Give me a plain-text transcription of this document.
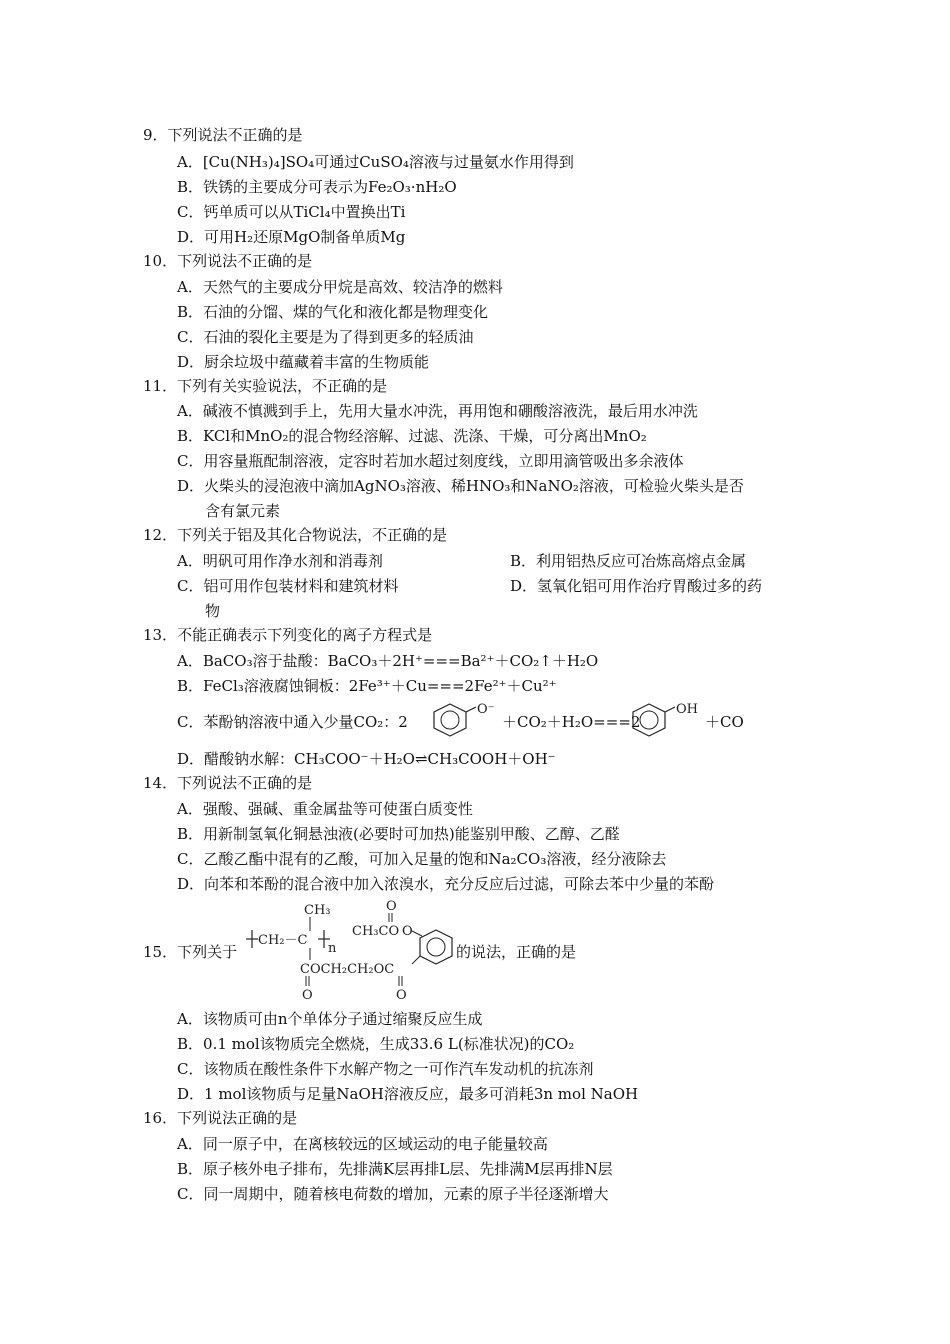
9．下列说法不正确的是
A．[Cu(NH₃)₄]SO₄可通过CuSO₄溶液与过量氨水作用得到
B．铁锈的主要成分可表示为Fe₂O₃·nH₂O
C．钙单质可以从TiCl₄中置换出Ti
D．可用H₂还原MgO制备单质Mg
10．下列说法不正确的是
A．天然气的主要成分甲烷是高效、较洁净的燃料
B．石油的分馏、煤的气化和液化都是物理变化
C．石油的裂化主要是为了得到更多的轻质油
D．厨余垃圾中蕴藏着丰富的生物质能
11．下列有关实验说法，不正确的是
A．碱液不慎溅到手上，先用大量水冲洗，再用饱和硼酸溶液洗，最后用水冲洗
B．KCl和MnO₂的混合物经溶解、过滤、洗涤、干燥，可分离出MnO₂
C．用容量瓶配制溶液，定容时若加水超过刻度线，立即用滴管吸出多余液体
D．火柴头的浸泡液中滴加AgNO₃溶液、稀HNO₃和NaNO₂溶液，可检验火柴头是否
含有氯元素
12．下列关于铝及其化合物说法，不正确的是
A．明矾可用作净水剂和消毒剂	B．利用铝热反应可冶炼高熔点金属
C．铝可用作包装材料和建筑材料	D．氢氧化铝可用作治疗胃酸过多的药
物
13．不能正确表示下列变化的离子方程式是
A．BaCO₃溶于盐酸：BaCO₃＋2H⁺===Ba²⁺＋CO₂↑＋H₂O
B．FeCl₃溶液腐蚀铜板：2Fe³⁺＋Cu===2Fe²⁺＋Cu²⁺
C．苯酚钠溶液中通入少量CO₂：2
O⁻
＋CO₂＋H₂O===2
OH
＋CO
D．醋酸钠水解：CH₃COO⁻＋H₂O⇌CH₃COOH＋OH⁻
14．下列说法不正确的是
A．强酸、强碱、重金属盐等可使蛋白质变性
B．用新制氢氧化铜悬浊液(必要时可加热)能鉴别甲酸、乙醇、乙醛
C．乙酸乙酯中混有的乙酸，可加入足量的饱和Na₂CO₃溶液，经分液除去
D．向苯和苯酚的混合液中加入浓溴水，充分反应后过滤，可除去苯中少量的苯酚
15．下列关于
CH₃
CH₂－C
n
COCH₂CH₂OC
O	O
O
CH₃CO O
的说法，正确的是
A．该物质可由n个单体分子通过缩聚反应生成
B．0.1 mol该物质完全燃烧，生成33.6 L(标准状况)的CO₂
C．该物质在酸性条件下水解产物之一可作汽车发动机的抗冻剂
D．1 mol该物质与足量NaOH溶液反应，最多可消耗3n mol NaOH
16．下列说法正确的是
A．同一原子中，在离核较远的区域运动的电子能量较高
B．原子核外电子排布，先排满K层再排L层、先排满M层再排N层
C．同一周期中，随着核电荷数的增加，元素的原子半径逐渐增大
